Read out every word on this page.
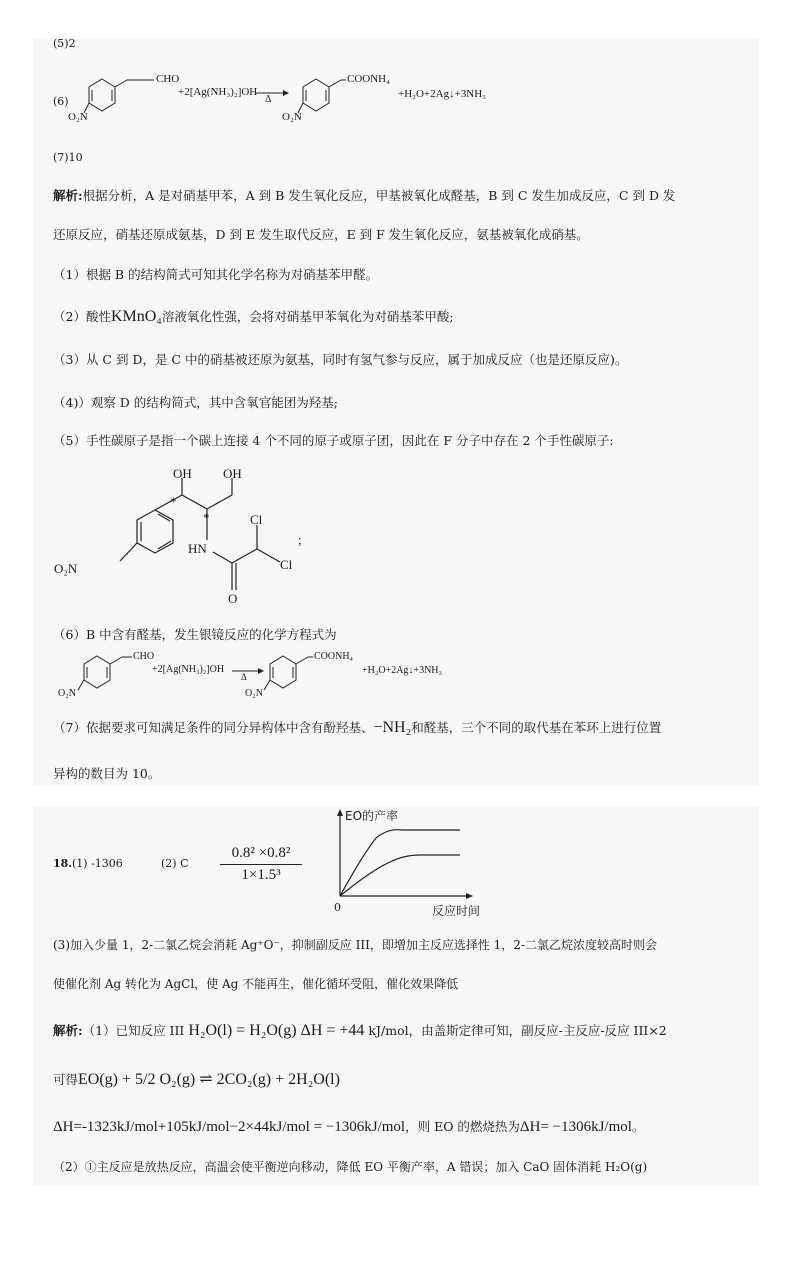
(5)2
(6)
CHO
+2[Ag(NH₃)₂]OH
Δ
COONH₄
+H₂O+2Ag↓+3NH₃
O₂N	O₂N
(7)10
解析:根据分析，A 是对硝基甲苯，A 到 B 发生氧化反应，甲基被氧化成醛基，B 到 C 发生加成反应，C 到 D 发
还原反应，硝基还原成氨基，D 到 E 发生取代反应，E 到 F 发生氧化反应，氨基被氧化成硝基。
（1）根据 B 的结构简式可知其化学名称为对硝基苯甲醛。
（2）酸性KMnO₄溶液氧化性强，会将对硝基甲苯氧化为对硝基苯甲酸;
（3）从 C 到 D，是 C 中的硝基被还原为氨基，同时有氢气参与反应，属于加成反应（也是还原反应)。
（4)）观察 D 的结构简式，其中含氧官能团为羟基;
（5）手性碳原子是指一个碳上连接 4 个不同的原子或原子团，因此在 F 分子中存在 2 个手性碳原子:
OH OH
*
*
HN
Cl
Cl
O
O₂N
;
（6）B 中含有醛基，发生银镜反应的化学方程式为
CHO
+2[Ag(NH₃)₂]OH
Δ
COONH₄
+H₂O+2Ag↓+3NH₃
O₂N	O₂N
（7）依据要求可知满足条件的同分异构体中含有酚羟基、−NH₂和醛基，三个不同的取代基在苯环上进行位置
异构的数目为 10。
18. (1) -1306	(2) C $\frac{\text{0.8² ×0.8²}}{\text{1×1.5³}}$
EO的产率
0	反应时间
(3)加入少量 1，2-二氯乙烷会消耗 Ag⁺O⁻，抑制副反应 III，即增加主反应选择性 1，2-二氯乙烷浓度较高时则会
使催化剂 Ag 转化为 AgCl，使 Ag 不能再生，催化循环受阻，催化效果降低
解析:（1）已知反应 III H₂O(l) = H₂O(g) ΔH = +44 kJ/mol，由盖斯定律可知，副反应-主反应-反应 III×2
可得EO(g) + 5/2 O₂(g) ⇌ 2CO₂(g) + 2H₂O(l)
ΔH=-1323kJ/mol+105kJ/mol−2×44kJ/mol = −1306kJ/mol，则 EO 的燃烧热为ΔH= −1306kJ/mol。
（2）①主反应是放热反应，高温会使平衡逆向移动，降低 EO 平衡产率，A 错误；加入 CaO 固体消耗 H₂O(g)
